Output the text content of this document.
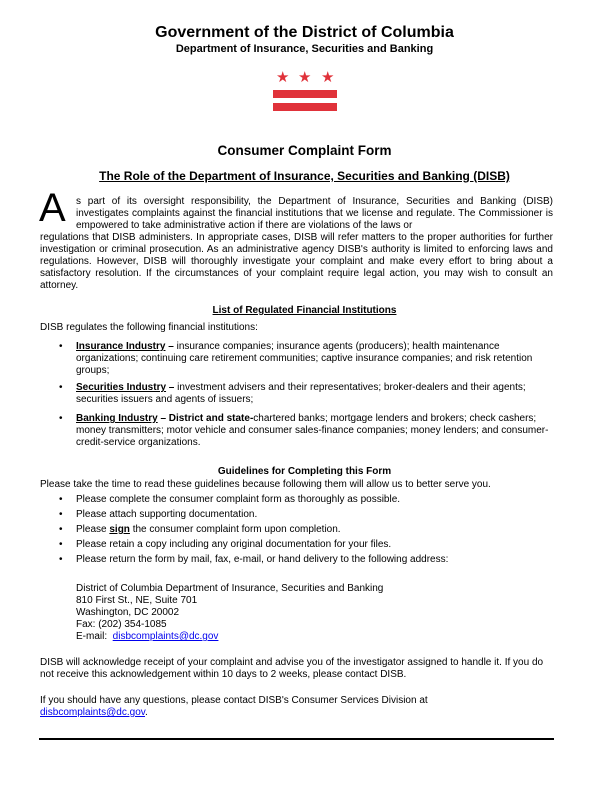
Government of the District of Columbia
Department of Insurance, Securities and Banking
★ ★ ★
Consumer Complaint Form
The Role of the Department of Insurance, Securities and Banking (DISB)
A s part of its oversight responsibility, the Department of Insurance, Securities and Banking (DISB) investigates complaints against the financial institutions that we license and regulate. The Commissioner is empowered to take administrative action if there are violations of the laws or
regulations that DISB administers. In appropriate cases, DISB will refer matters to the proper authorities for further investigation or criminal prosecution. As an administrative agency DISB's authority is limited to enforcing laws and regulations. However, DISB will thoroughly investigate your complaint and make every effort to bring about a satisfactory resolution. If the circumstances of your complaint require legal action, you may wish to consult an attorney.
List of Regulated Financial Institutions
DISB regulates the following financial institutions:
• Insurance Industry – insurance companies; insurance agents (producers); health maintenance organizations; continuing care retirement communities; captive insurance companies; and risk retention groups;
• Securities Industry – investment advisers and their representatives; broker-dealers and their agents; securities issuers and agents of issuers;
• Banking Industry – District and state-chartered banks; mortgage lenders and brokers; check cashers; money transmitters; motor vehicle and consumer sales-finance companies; money lenders; and consumer-credit-service organizations.
Guidelines for Completing this Form
Please take the time to read these guidelines because following them will allow us to better serve you.
• Please complete the consumer complaint form as thoroughly as possible.
• Please attach supporting documentation.
• Please sign the consumer complaint form upon completion.
• Please retain a copy including any original documentation for your files.
• Please return the form by mail, fax, e-mail, or hand delivery to the following address:
District of Columbia Department of Insurance, Securities and Banking
810 First St., NE, Suite 701
Washington, DC 20002
Fax: (202) 354-1085
E-mail:  disbcomplaints@dc.gov
DISB will acknowledge receipt of your complaint and advise you of the investigator assigned to handle it. If you do not receive this acknowledgement within 10 days to 2 weeks, please contact DISB.
If you should have any questions, please contact DISB's Consumer Services Division at
disbcomplaints@dc.gov.
